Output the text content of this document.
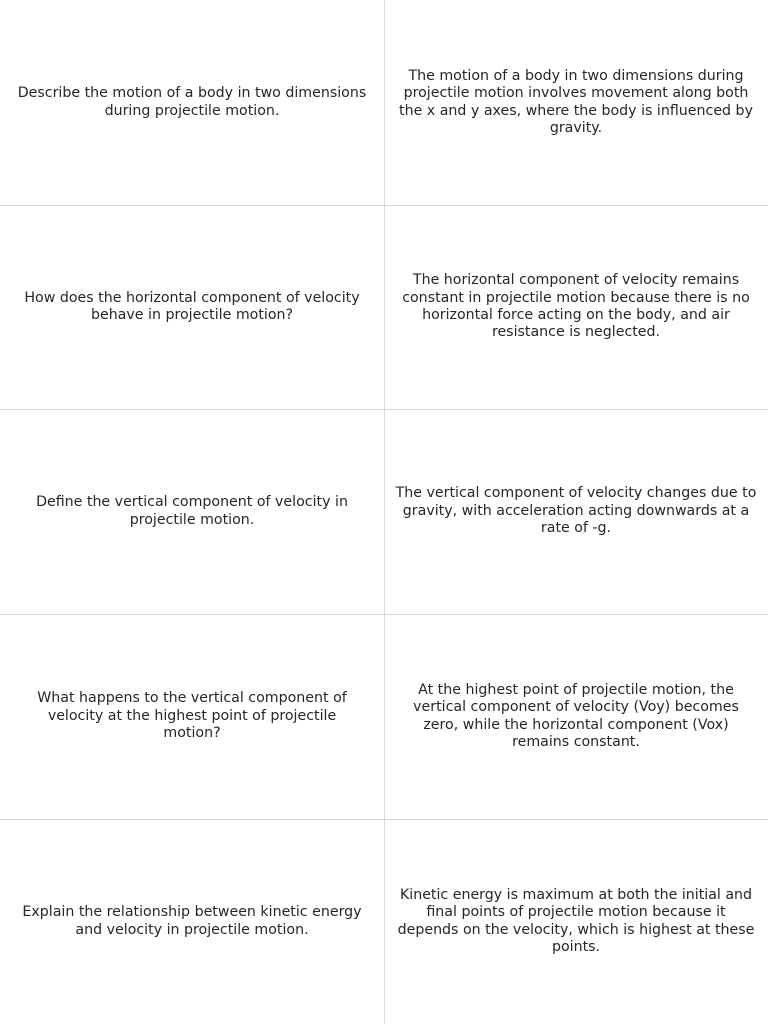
Describe the motion of a body in two dimensions during projectile motion.
The motion of a body in two dimensions during projectile motion involves movement along both the x and y axes, where the body is influenced by gravity.
How does the horizontal component of velocity behave in projectile motion?
The horizontal component of velocity remains constant in projectile motion because there is no horizontal force acting on the body, and air resistance is neglected.
Define the vertical component of velocity in projectile motion.
The vertical component of velocity changes due to gravity, with acceleration acting downwards at a rate of -g.
What happens to the vertical component of velocity at the highest point of projectile motion?
At the highest point of projectile motion, the vertical component of velocity (Voy) becomes zero, while the horizontal component (Vox) remains constant.
Explain the relationship between kinetic energy and velocity in projectile motion.
Kinetic energy is maximum at both the initial and final points of projectile motion because it depends on the velocity, which is highest at these points.
